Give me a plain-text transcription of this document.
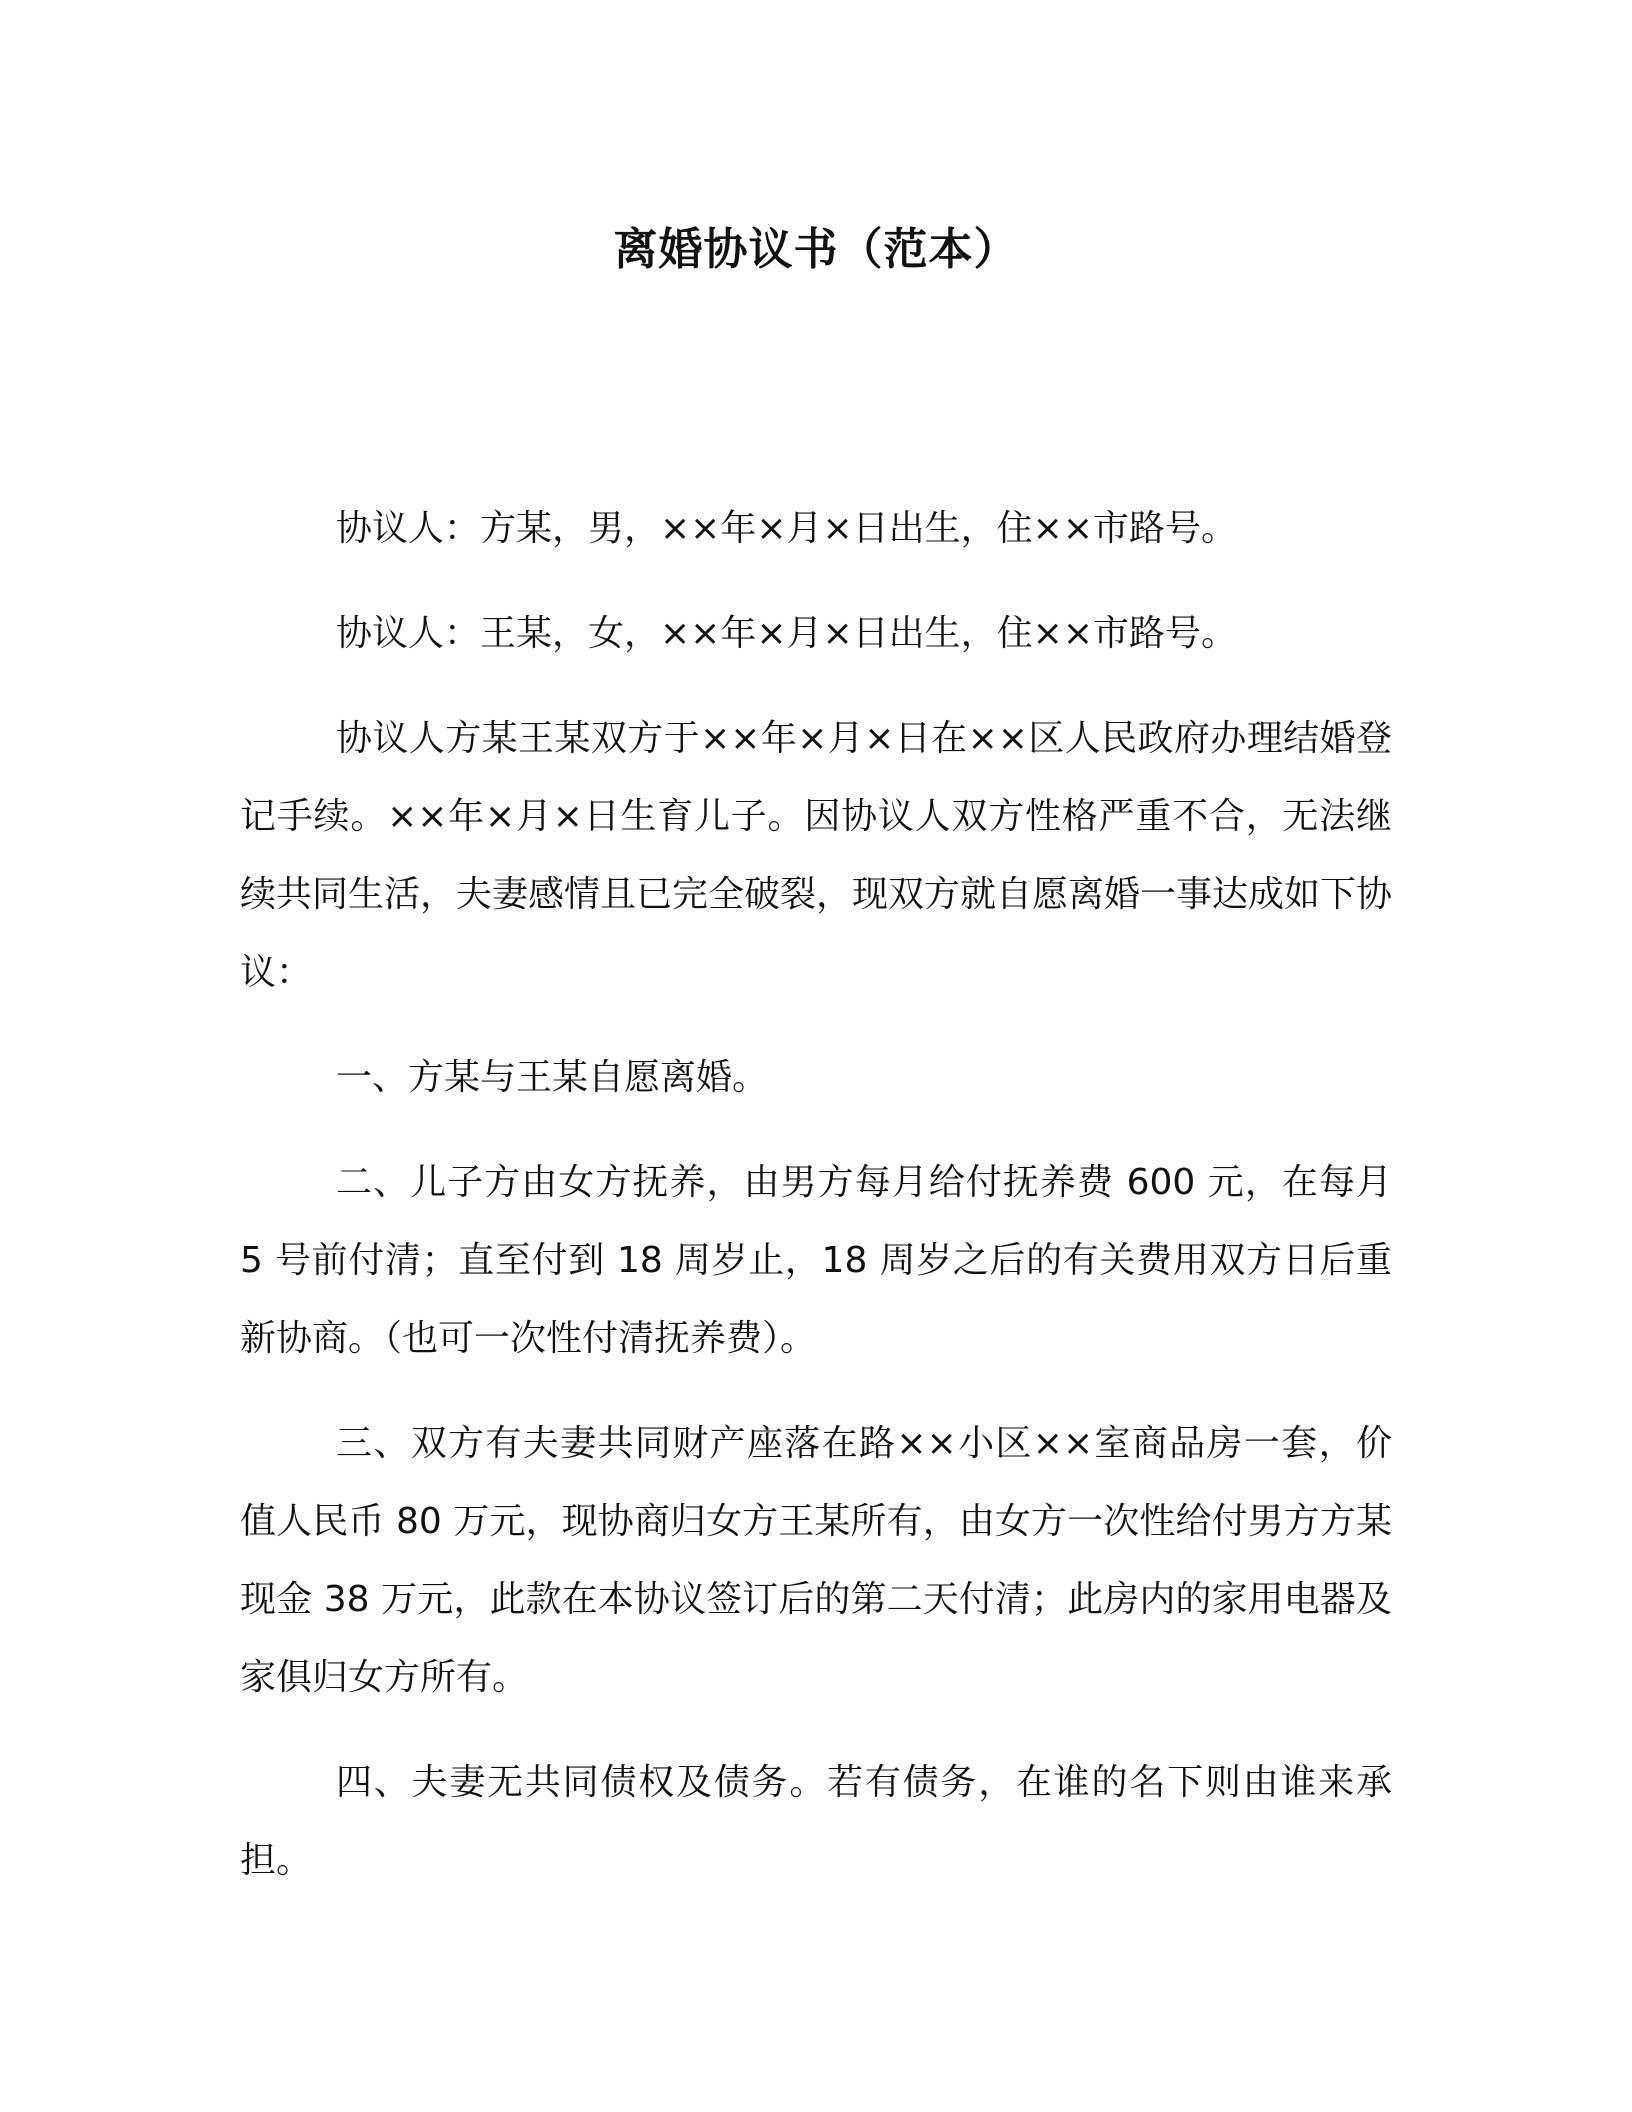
离婚协议书（范本）

协议人：方某，男，××年×月×日出生，住××市路号。

协议人：王某，女，××年×月×日出生，住××市路号。

协议人方某王某双方于××年×月×日在××区人民政府办理结婚登记手续。××年×月×日生育儿子。因协议人双方性格严重不合，无法继续共同生活，夫妻感情且已完全破裂，现双方就自愿离婚一事达成如下协议：

一、方某与王某自愿离婚。

二、儿子方由女方抚养，由男方每月给付抚养费 600 元，在每月 5 号前付清；直至付到 18 周岁止，18 周岁之后的有关费用双方日后重新协商。（也可一次性付清抚养费）。

三、双方有夫妻共同财产座落在路××小区××室商品房一套，价值人民币 80 万元，现协商归女方王某所有，由女方一次性给付男方方某现金 38 万元，此款在本协议签订后的第二天付清；此房内的家用电器及家俱归女方所有。

四、夫妻无共同债权及债务。若有债务，在谁的名下则由谁来承担。
